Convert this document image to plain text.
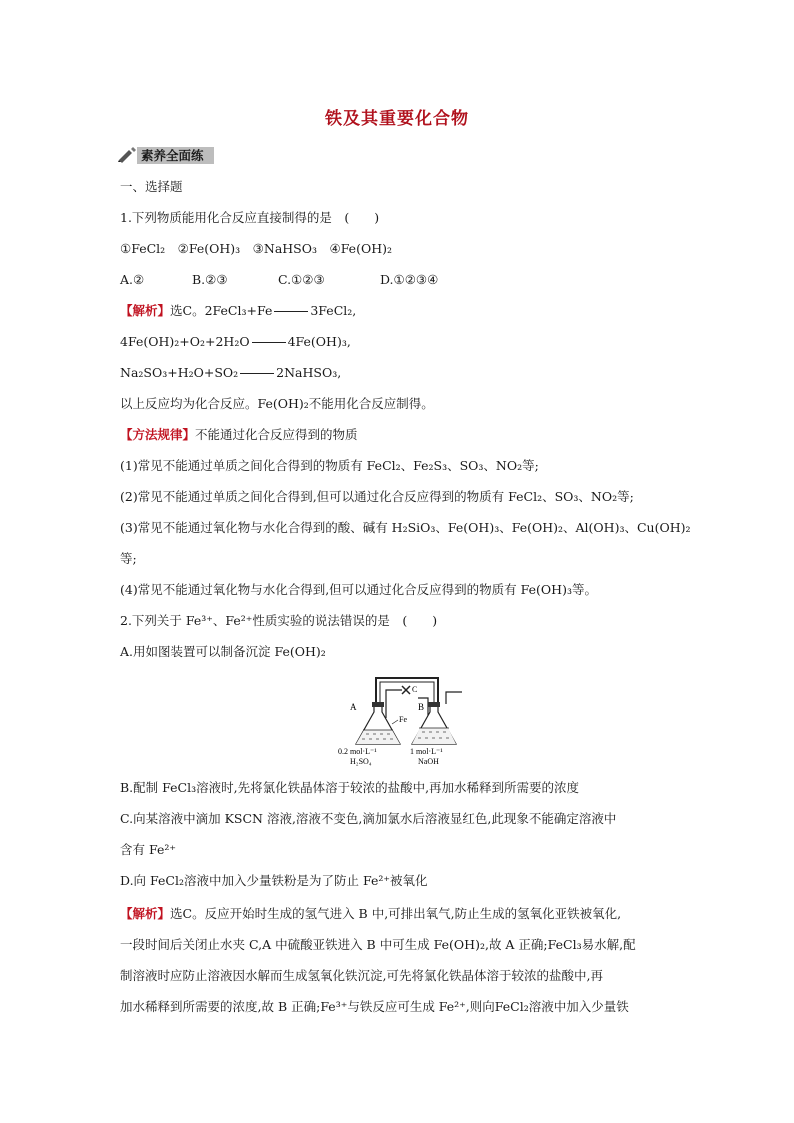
铁及其重要化合物
素养全面练
一、选择题
1.下列物质能用化合反应直接制得的是　(　　)
①FeCl₂　②Fe(OH)₃　③NaHSO₃　④Fe(OH)₂
A.②	B.②③	C.①②③	D.①②③④
【解析】选C。2FeCl₃+Fe	3FeCl₂,
4Fe(OH)₂+O₂+2H₂O	4Fe(OH)₃,
Na₂SO₃+H₂O+SO₂	2NaHSO₃,
以上反应均为化合反应。Fe(OH)₂不能用化合反应制得。
【方法规律】不能通过化合反应得到的物质
(1)常见不能通过单质之间化合得到的物质有 FeCl₂、Fe₂S₃、SO₃、NO₂等;
(2)常见不能通过单质之间化合得到,但可以通过化合反应得到的物质有 FeCl₂、SO₃、NO₂等;
(3)常见不能通过氧化物与水化合得到的酸、碱有 H₂SiO₃、Fe(OH)₃、Fe(OH)₂、Al(OH)₃、Cu(OH)₂
等;
(4)常见不能通过氧化物与水化合得到,但可以通过化合反应得到的物质有 Fe(OH)₃等。
2.下列关于 Fe³⁺、Fe²⁺性质实验的说法错误的是　(　　)
A.用如图装置可以制备沉淀 Fe(OH)₂
C
A	B
Fe
0.2 mol·L⁻¹
H₂SO₄
1 mol·L⁻¹
NaOH
B.配制 FeCl₃溶液时,先将氯化铁晶体溶于较浓的盐酸中,再加水稀释到所需要的浓度
C.向某溶液中滴加 KSCN 溶液,溶液不变色,滴加氯水后溶液显红色,此现象不能确定溶液中
含有 Fe²⁺
D.向 FeCl₂溶液中加入少量铁粉是为了防止 Fe²⁺被氧化
【解析】选C。反应开始时生成的氢气进入 B 中,可排出氧气,防止生成的氢氧化亚铁被氧化,
一段时间后关闭止水夹 C,A 中硫酸亚铁进入 B 中可生成 Fe(OH)₂,故 A 正确;FeCl₃易水解,配
制溶液时应防止溶液因水解而生成氢氧化铁沉淀,可先将氯化铁晶体溶于较浓的盐酸中,再
加水稀释到所需要的浓度,故 B 正确;Fe³⁺与铁反应可生成 Fe²⁺,则向FeCl₂溶液中加入少量铁
